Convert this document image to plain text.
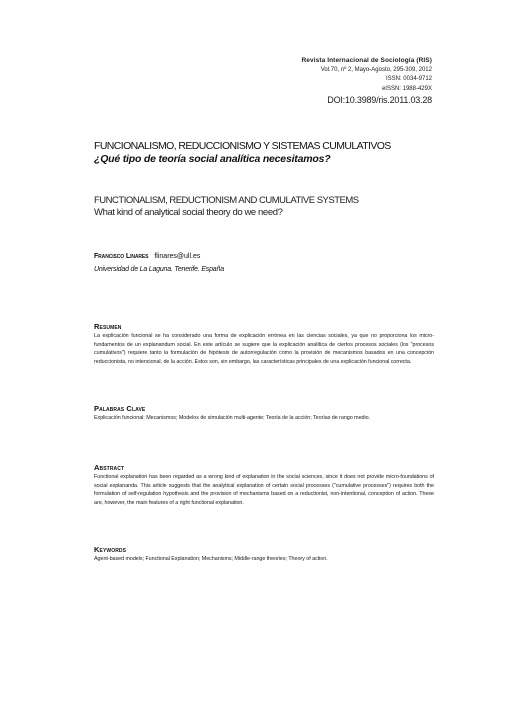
Revista Internacional de Sociología (RIS)
Vol.70, nº 2, Mayo-Agosto, 295-309, 2012
ISSN: 0034-9712
eISSN: 1988-429X
DOI:10.3989/ris.2011.03.28
FUNCIONALISMO, REDUCCIONISMO Y SISTEMAS CUMULATIVOS
¿Qué tipo de teoría social analítica necesitamos?
FUNCTIONALISM, REDUCTIONISM AND CUMULATIVE SYSTEMS
What kind of analytical social theory do we need?
Francisco Linares flinares@ull.es
Universidad de La Laguna. Tenerife. España
Resumen
La explicación funcional se ha considerado una forma de explicación errónea en las ciencias sociales, ya que no proporciona los micro-fundamentos de un explanandum social. En este artículo se sugiere que la explicación analítica de ciertos procesos sociales (los "procesos cumulativos") requiere tanto la formulación de hipótesis de autorregulación como la provisión de mecanismos basados en una concepción reduccionista, no intencional, de la acción. Estos son, sin embargo, las características principales de una explicación funcional correcta.
Palabras Clave
Explicación funcional; Mecanismos; Modelos de simulación multi-agente; Teoría de la acción; Teorías de rango medio.
Abstract
Functional explanation has been regarded as a wrong kind of explanation in the social sciences, since it does not provide micro-foundations of social explananda. This article suggests that the analytical explanation of certain social processes ("cumulative processes") requires both the formulation of self-regulation hypothesis and the provision of mechanisms based on a reductionist, non-intentional, conception of action. These are, however, the main features of a right functional explanation.
Keywords
Agent-based models; Functional Explanation; Mechanisms; Middle-range theories; Theory of action.
